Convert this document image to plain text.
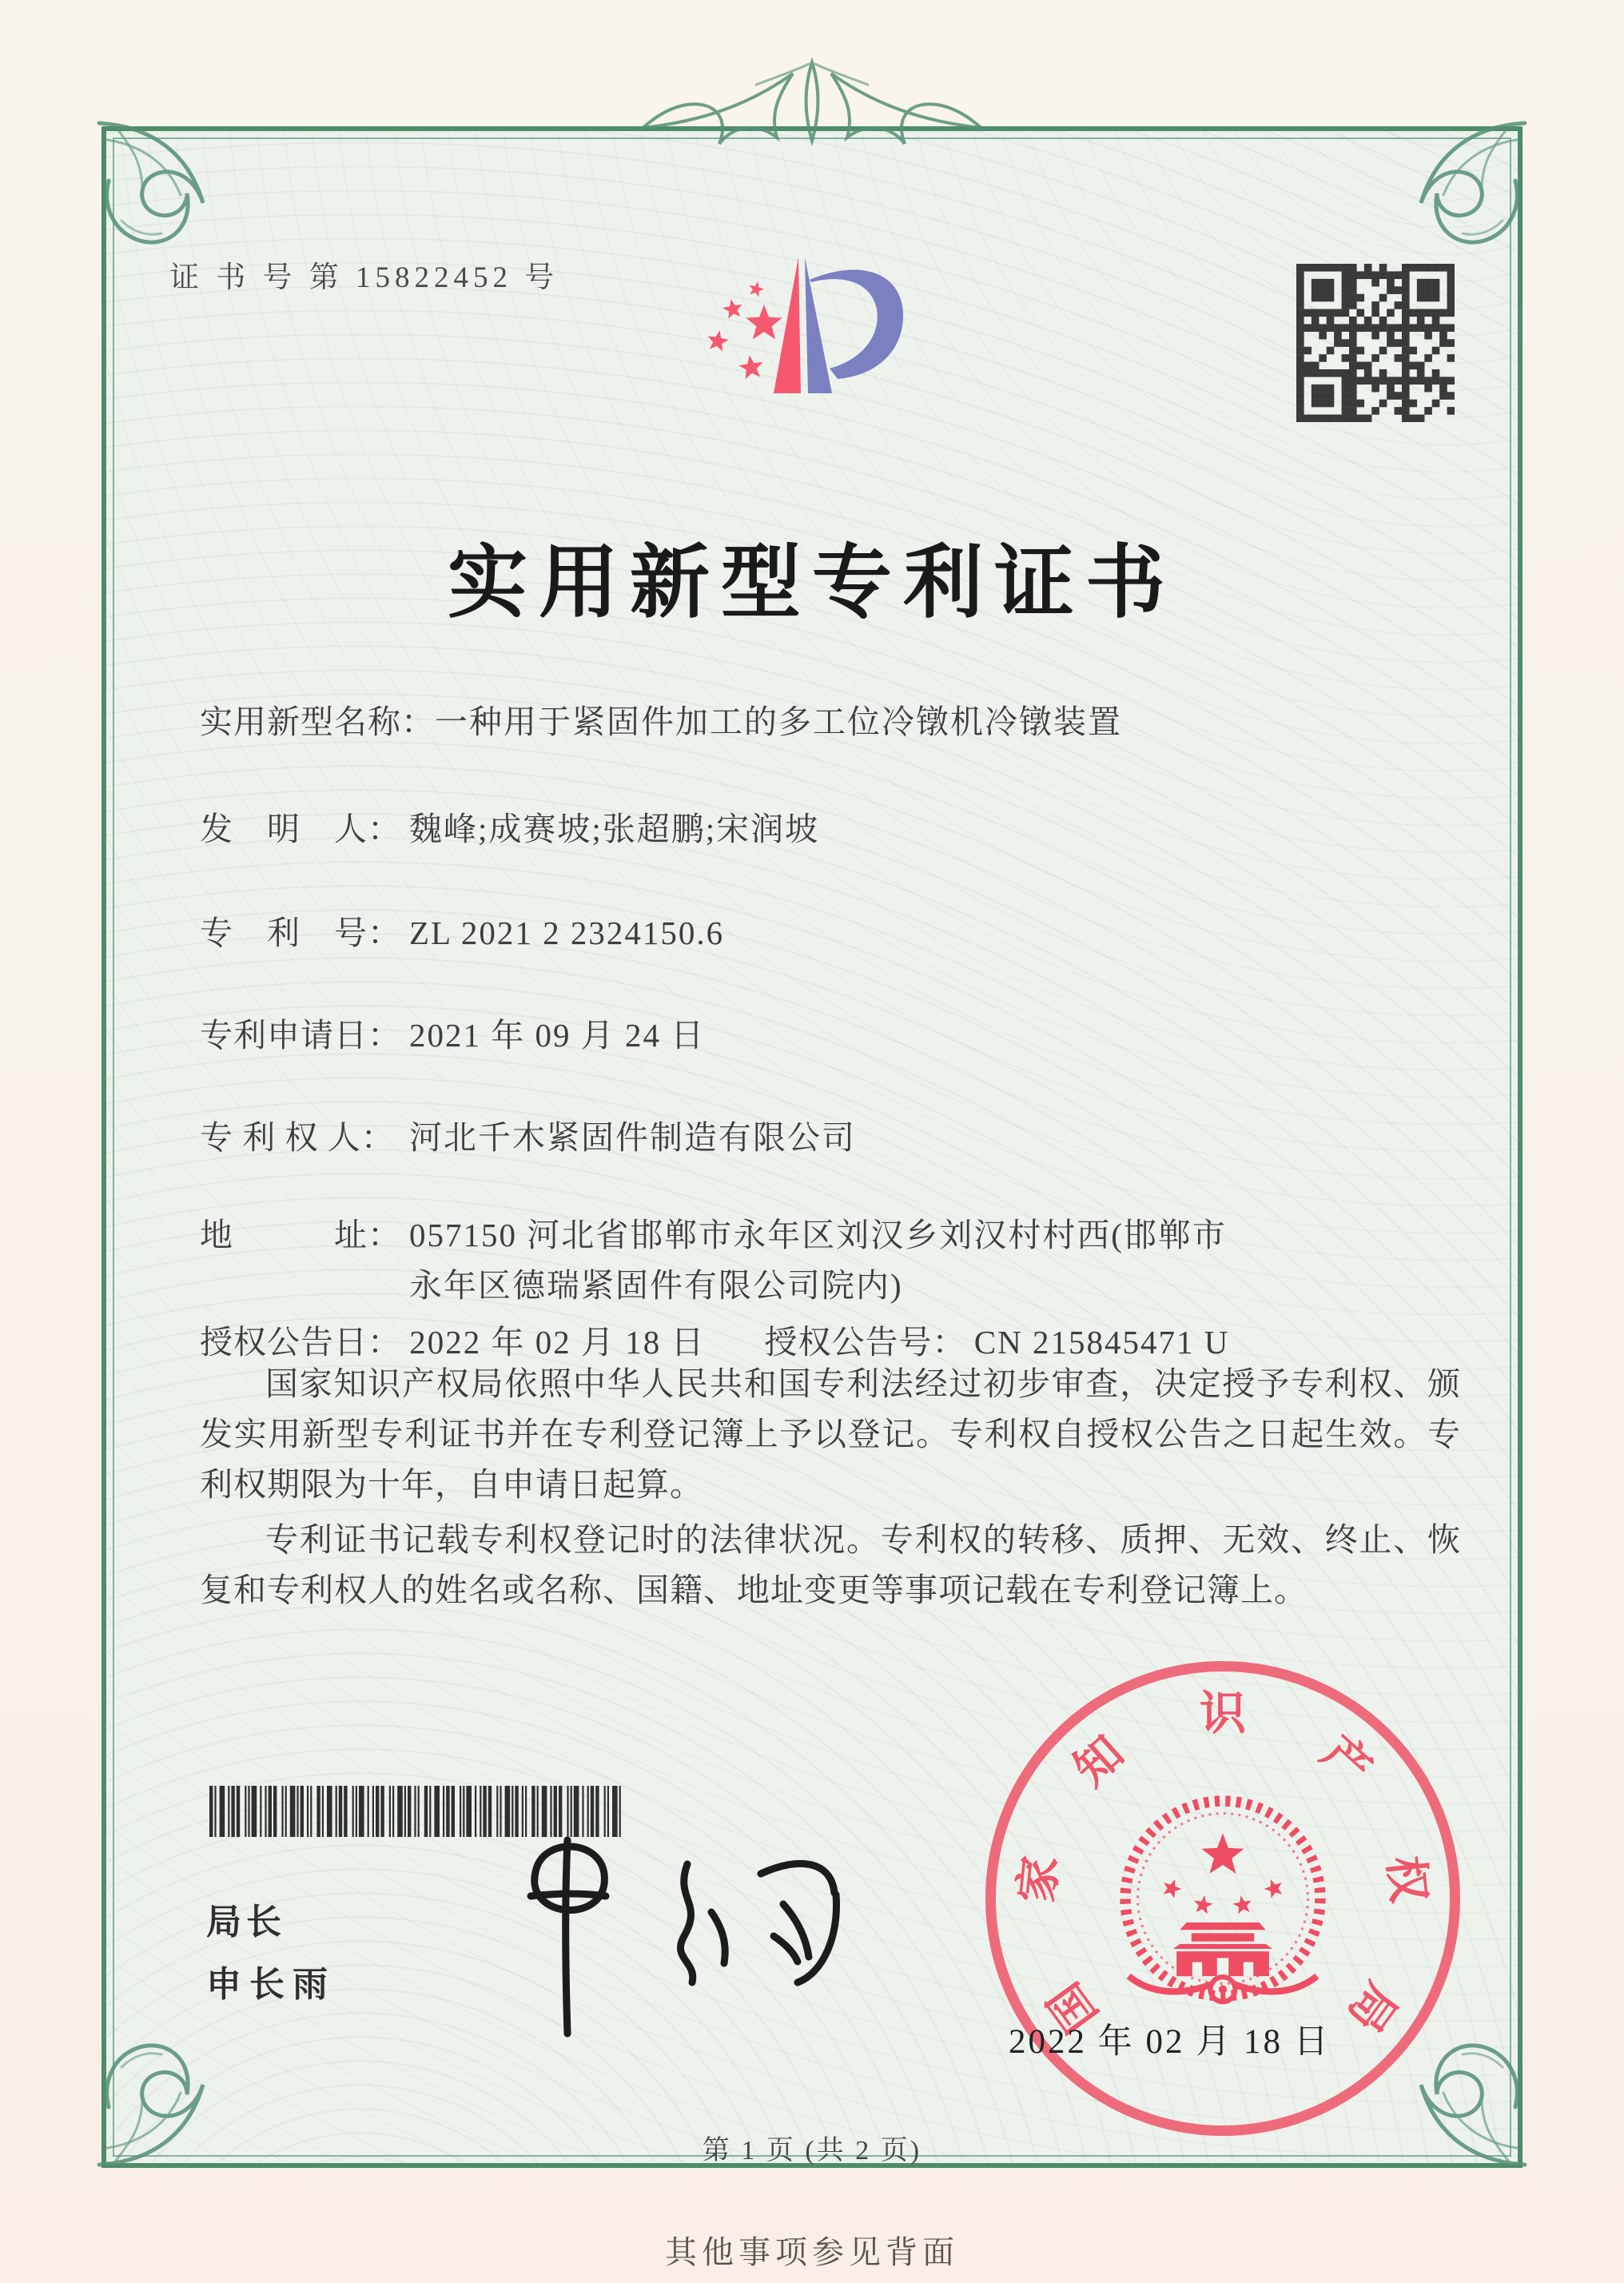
证 书 号 第 15822452 号
实用新型专利证书
实用新型名称： 一种用于紧固件加工的多工位冷镦机冷镦装置
发　明　人： 魏峰;成赛坡;张超鹏;宋润坡
专　利　号： ZL 2021 2 2324150.6
专利申请日： 2021 年 09 月 24 日
专 利 权 人： 河北千木紧固件制造有限公司
地　　　址： 057150 河北省邯郸市永年区刘汉乡刘汉村村西(邯郸市永年区德瑞紧固件有限公司院内)
授权公告日： 2022 年 02 月 18 日 授权公告号： CN 215845471 U

国家知识产权局依照中华人民共和国专利法经过初步审查，决定授予专利权、颁发实用新型专利证书并在专利登记簿上予以登记。专利权自授权公告之日起生效。专利权期限为十年，自申请日起算。

专利证书记载专利权登记时的法律状况。专利权的转移、质押、无效、终止、恢复和专利权人的姓名或名称、国籍、地址变更等事项记载在专利登记簿上。

局长
申长雨	国
家
知
识
产
权
局
2022 年 02 月 18 日
第 1 页 (共 2 页)
其他事项参见背面
